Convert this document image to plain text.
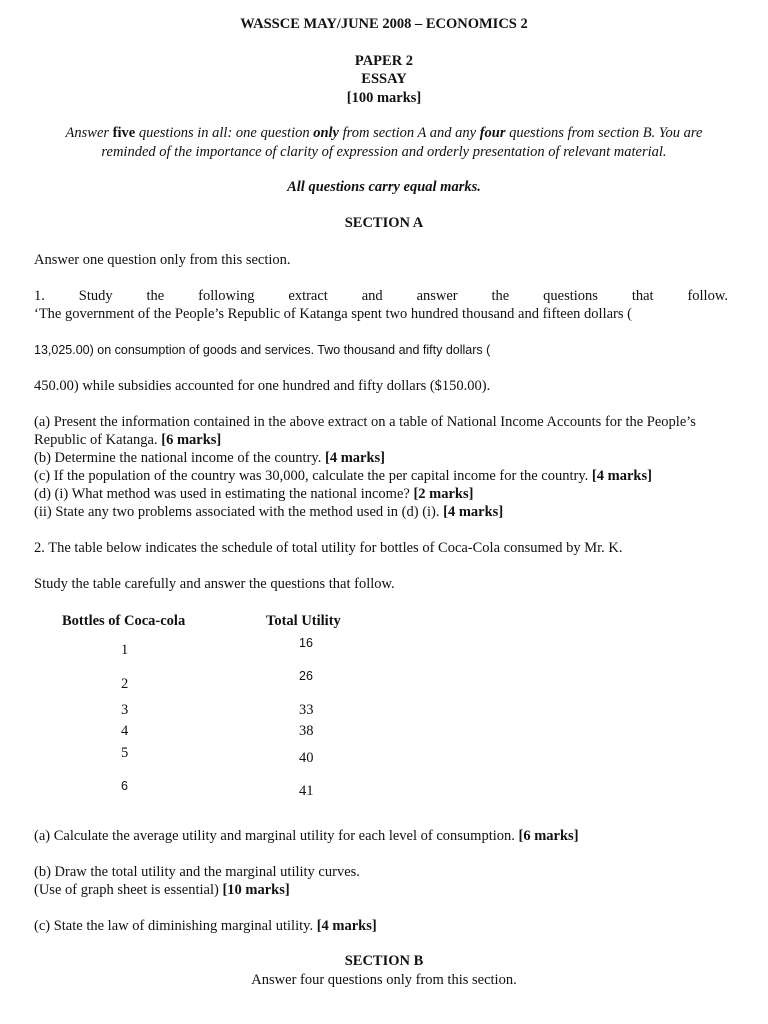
WASSCE MAY/JUNE 2008 – ECONOMICS 2
PAPER 2
ESSAY
[100 marks]
Answer five questions in all: one question only from section A and any four questions from section B. You are
reminded of the importance of clarity of expression and orderly presentation of relevant material.
All questions carry equal marks.
SECTION A
Answer one question only from this section.
1. Study the following extract and answer the questions that follow.
‘The government of the People’s Republic of Katanga spent two hundred thousand and fifteen dollars (
13,025.00) on consumption of goods and services. Two thousand and fifty dollars (
450.00) while subsidies accounted for one hundred and fifty dollars ($150.00).
(a) Present the information contained in the above extract on a table of National Income Accounts for the People’s
Republic of Katanga. [6 marks]
(b) Determine the national income of the country. [4 marks]
(c) If the population of the country was 30,000, calculate the per capital income for the country. [4 marks]
(d) (i) What method was used in estimating the national income? [2 marks]
(ii) State any two problems associated with the method used in (d) (i). [4 marks]
2. The table below indicates the schedule of total utility for bottles of Coca-Cola consumed by Mr. K.
Study the table carefully and answer the questions that follow.
Bottles of Coca-cola	Total Utility
1	16
2	26
3	33
4	38
5	40
6	41
(a) Calculate the average utility and marginal utility for each level of consumption. [6 marks]
(b) Draw the total utility and the marginal utility curves.
(Use of graph sheet is essential) [10 marks]
(c) State the law of diminishing marginal utility. [4 marks]
SECTION B
Answer four questions only from this section.
